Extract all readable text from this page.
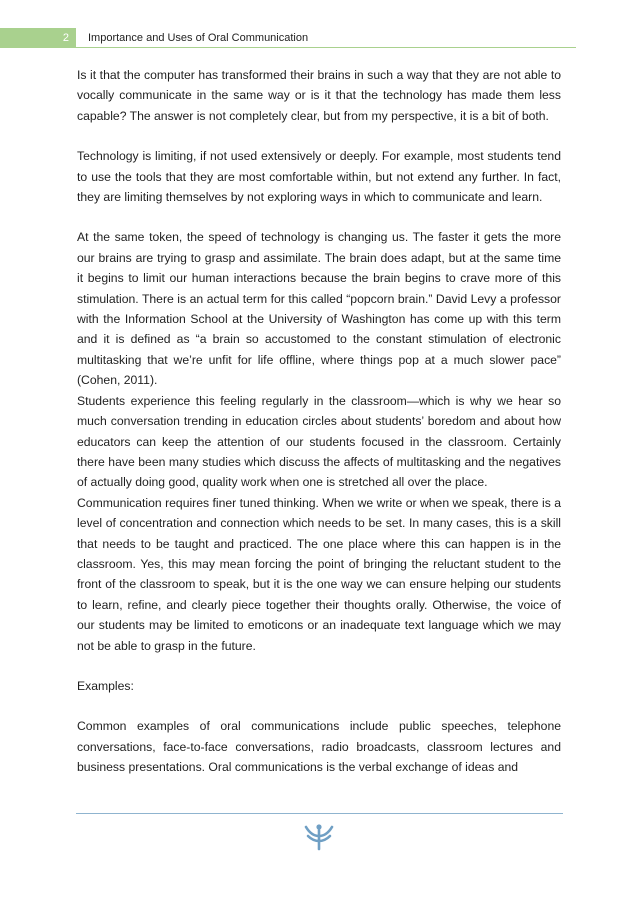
2	Importance and Uses of Oral Communication

Is it that the computer has transformed their brains in such a way that they are not able to vocally communicate in the same way or is it that the technology has made them less capable? The answer is not completely clear, but from my perspective, it is a bit of both.

Technology is limiting, if not used extensively or deeply. For example, most students tend to use the tools that they are most comfortable within, but not extend any further. In fact, they are limiting themselves by not exploring ways in which to communicate and learn.

At the same token, the speed of technology is changing us. The faster it gets the more our brains are trying to grasp and assimilate. The brain does adapt, but at the same time it begins to limit our human interactions because the brain begins to crave more of this stimulation. There is an actual term for this called “popcorn brain.” David Levy a professor with the Information School at the University of Washington has come up with this term and it is defined as “a brain so accustomed to the constant stimulation of electronic multitasking that we’re unfit for life offline, where things pop at a much slower pace” (Cohen, 2011).

Students experience this feeling regularly in the classroom—which is why we hear so much conversation trending in education circles about students’ boredom and about how educators can keep the attention of our students focused in the classroom. Certainly there have been many studies which discuss the affects of multitasking and the negatives of actually doing good, quality work when one is stretched all over the place.

Communication requires finer tuned thinking. When we write or when we speak, there is a level of concentration and connection which needs to be set. In many cases, this is a skill that needs to be taught and practiced. The one place where this can happen is in the classroom. Yes, this may mean forcing the point of bringing the reluctant student to the front of the classroom to speak, but it is the one way we can ensure helping our students to learn, refine, and clearly piece together their thoughts orally. Otherwise, the voice of our students may be limited to emoticons or an inadequate text language which we may not be able to grasp in the future.

Examples:

Common examples of oral communications include public speeches, telephone conversations, face-to-face conversations, radio broadcasts, classroom lectures and business presentations. Oral communications is the verbal exchange of ideas and
